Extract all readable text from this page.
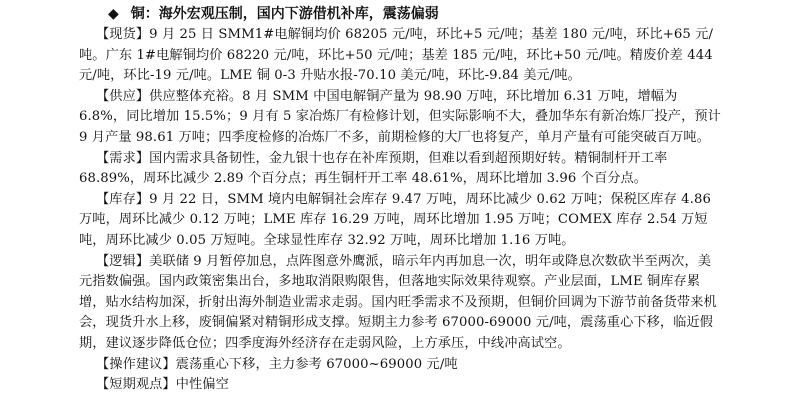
◆ 铜：海外宏观压制，国内下游借机补库，震荡偏弱

【现货】9 月 25 日 SMM1#电解铜均价 68205 元/吨，环比+5 元/吨；基差 180 元/吨，环比+65 元/吨。广东 1#电解铜均价 68220 元/吨，环比+50 元/吨；基差 185 元/吨，环比+50 元/吨。精废价差 444 元/吨，环比-19 元/吨。LME 铜 0-3 升贴水报-70.10 美元/吨，环比-9.84 美元/吨。

【供应】供应整体充裕。8 月 SMM 中国电解铜产量为 98.90 万吨，环比增加 6.31 万吨，增幅为 6.8%，同比增加 15.5%；9 月有 5 家冶炼厂有检修计划，但实际影响不大，叠加华东有新冶炼厂投产，预计 9 月产量 98.61 万吨；四季度检修的冶炼厂不多，前期检修的大厂也将复产，单月产量有可能突破百万吨。

【需求】国内需求具备韧性，金九银十也存在补库预期，但难以看到超预期好转。精铜制杆开工率 68.89%，周环比减少 2.89 个百分点；再生铜杆开工率 48.61%，周环比增加 3.96 个百分点。

【库存】9 月 22 日，SMM 境内电解铜社会库存 9.47 万吨，周环比减少 0.62 万吨；保税区库存 4.86 万吨，周环比减少 0.12 万吨；LME 库存 16.29 万吨，周环比增加 1.95 万吨；COMEX 库存 2.54 万短吨，周环比减少 0.05 万短吨。全球显性库存 32.92 万吨，周环比增加 1.16 万吨。

【逻辑】美联储 9 月暂停加息，点阵图意外鹰派，暗示年内再加息一次，明年或降息次数砍半至两次，美元指数偏强。国内政策密集出台，多地取消限购限售，但落地实际效果待观察。产业层面，LME 铜库存累增，贴水结构加深，折射出海外制造业需求走弱。国内旺季需求不及预期，但铜价回调为下游节前备货带来机会，现货升水上移，废铜偏紧对精铜形成支撑。短期主力参考 67000-69000 元/吨，震荡重心下移，临近假期，建议逐步降低仓位；四季度海外经济存在走弱风险，上方承压，中线冲高试空。

【操作建议】震荡重心下移，主力参考 67000~69000 元/吨

【短期观点】中性偏空
